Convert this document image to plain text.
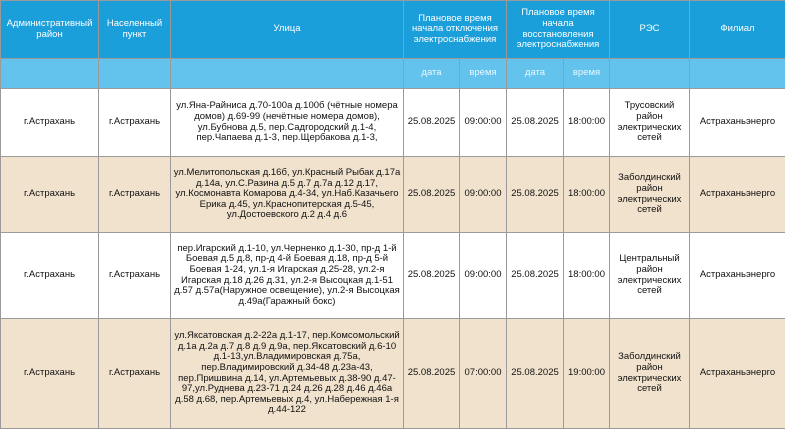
Административный район	Населенный пункт	Улица	Плановое время начала отключения электроснабжения		Плановое время начала восстановления электроснабжения		РЭС	Филиал
			дата	время	дата	время		
г.Астрахань	г.Астрахань	ул.Яна-Райниса д.70-100а д.100б (чётные номера домов) д.69-99 (нечётные номера домов), ул.Бубнова д.5, пер.Садгородский д.1-4, пер.Чапаева д.1-3, пер.Щербакова д.1-3,	25.08.2025	09:00:00	25.08.2025	18:00:00	Трусовский район электрических сетей	Астраханьэнерго
г.Астрахань	г.Астрахань	ул.Мелитопольская д.16б, ул.Красный Рыбак д.17а д.14а, ул.С.Разина д.5 д.7 д.7а д.12 д.17, ул.Космонавта Комарова д.4-34, ул.Наб.Казачьего Ерика д.45, ул.Краснопитерская д.5-45, ул.Достоевского д.2 д.4 д.6	25.08.2025	09:00:00	25.08.2025	18:00:00	Заболдинский район электрических сетей	Астраханьэнерго
г.Астрахань	г.Астрахань	пер.Игарский д.1-10, ул.Черненко д.1-30, пр-д 1-й Боевая д.5 д.8, пр-д 4-й Боевая д.18, пр-д 5-й Боевая 1-24, ул.1-я Игарская д.25-28, ул.2-я Игарская д.18 д.26 д.31, ул.2-я Высоцкая д.1-51 д.57 д.57а(Наружное освещение), ул.2-я Высоцкая д.49а(Гаражный бокс)	25.08.2025	09:00:00	25.08.2025	18:00:00	Центральный район электрических сетей	Астраханьэнерго
г.Астрахань	г.Астрахань	ул.Яксатовская д.2-22а д.1-17, пер.Комсомольский д.1а д.2а д.7 д.8 д.9 д.9а, пер.Яксатовский д.6-10 д.1-13,ул.Владимировская д.75а, пер.Владимировский д.34-48 д.23а-43, пер.Пришвина д.14, ул.Артемьевых д.38-90 д.47-97,ул.Руднева д.23-71 д.24 д.26 д.28 д.46 д.46а д.58 д.68, пер.Артемьевых д.4, ул.Набережная 1-я д.44-122	25.08.2025	07:00:00	25.08.2025	19:00:00	Заболдинский район электрических сетей	Астраханьэнерго
